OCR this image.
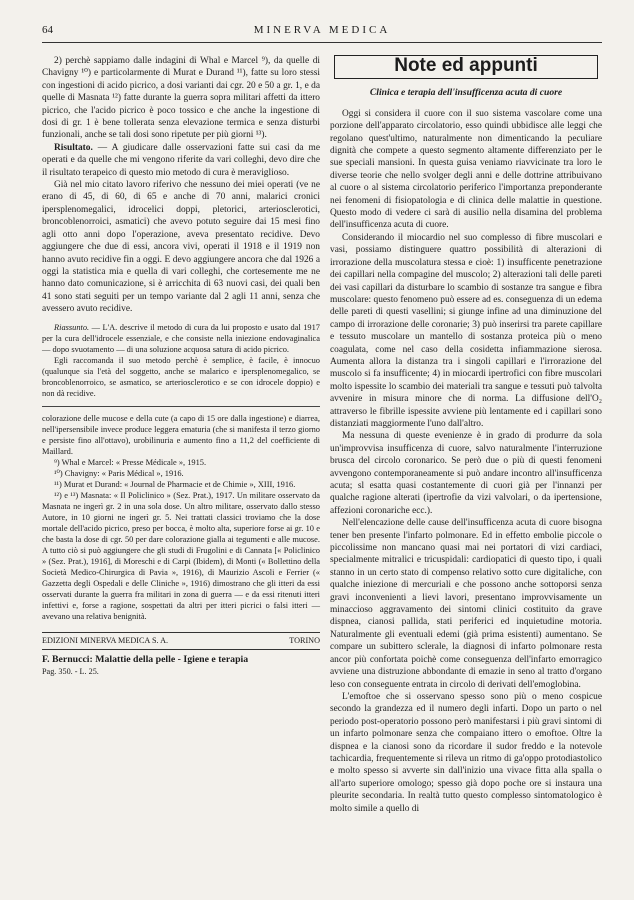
64	MINERVA MEDICA

2) perchè sappiamo dalle indagini di Whal e Marcel ⁹), da quelle di Chavigny ¹⁰) e particolarmente di Murat e Durand ¹¹), fatte su loro stessi con ingestioni di acido picrico, a dosi varianti dai cgr. 20 e 50 a gr. 1, e da quelle di Masnata ¹²) fatte durante la guerra sopra militari affetti da ittero picrico, che l'acido picrico è poco tossico e che anche la ingestione di dosi di gr. 1 è bene tollerata senza elevazione termica e senza disturbi funzionali, anche se tali dosi sono ripetute per più giorni ¹³).

Risultato. — A giudicare dalle osservazioni fatte sui casi da me operati e da quelle che mi vengono riferite da vari colleghi, devo dire che il risultato terapeico di questo mio metodo di cura è meraviglioso.

Già nel mio citato lavoro riferivo che nessuno dei miei operati (ve ne erano di 45, di 60, di 65 e anche di 70 anni, malarici cronici ipersplenomegalici, idrocelici doppi, pletorici, arteriosclerotici, broncoblenorroici, asmatici) che avevo potuto seguire dai 15 mesi fino agli otto anni dopo l'operazione, aveva presentato recidive. Devo aggiungere che due di essi, ancora vivi, operati il 1918 e il 1919 non hanno avuto recidive fin a oggi. E devo aggiungere ancora che dal 1926 a oggi la statistica mia e quella di vari colleghi, che cortesemente me ne hanno dato comunicazione, si è arricchita di 63 nuovi casi, dei quali ben 41 sono stati seguiti per un tempo variante dal 2 agli 11 anni, senza che avessero avuto recidive.

Riassunto. — L'A. descrive il metodo di cura da lui proposto e usato dal 1917 per la cura dell'idrocele essenziale, e che consiste nella iniezione endovaginalica — dopo svuotamento — di una soluzione acquosa satura di acido picrico.

Egli raccomanda il suo metodo perchè è semplice, è facile, è innocuo (qualunque sia l'età del soggetto, anche se malarico e ipersplenomegalico, se broncoblenorroico, se asmatico, se arteriosclerotico e se con idrocele doppio) e non dà recidive.

colorazione delle mucose e della cute (a capo di 15 ore dalla ingestione) e diarrea, nell'ipersensibile invece produce leggera ematuria (che si manifesta il terzo giorno e persiste fino all'ottavo), urobilinuria e aumento fino a 11,2 del coefficiente di Maillard.

⁹) Whal e Marcel: « Presse Médicale », 1915.

¹⁰) Chavigny: « Paris Médical », 1916.

¹¹) Murat et Durand: « Journal de Pharmacie et de Chimie », XIII, 1916.

¹²) e ¹³) Masnata: « Il Policlinico » (Sez. Prat.), 1917. Un militare osservato da Masnata ne ingerì gr. 2 in una sola dose. Un altro militare, osservato dallo stesso Autore, in 10 giorni ne ingerì gr. 5. Nei trattati classici troviamo che la dose mortale dell'acido picrico, preso per bocca, è molto alta, superiore forse ai gr. 10 e che basta la dose di cgr. 50 per dare colorazione gialla ai tegumenti e alle mucose. A tutto ciò si può aggiungere che gli studi di Frugolini e di Cannata [« Policlinico » (Sez. Prat.), 1916], di Moreschi e di Carpi (Ibidem), di Monti (« Bollettino della Società Medico-Chirurgica di Pavia », 1916), di Maurizio Ascoli e Ferrier (« Gazzetta degli Ospedali e delle Cliniche », 1916) dimostrano che gli itteri da essi osservati durante la guerra fra militari in zona di guerra — e da essi ritenuti itteri infettivi e, forse a ragione, sospettati da altri per itteri picrici o falsi itteri — avevano una relativa benignità.

EDIZIONI MINERVA MEDICA S. A.	TORINO
F. Bernucci: Malattie della pelle - Igiene e terapia
Pag. 350. - L. 25.
Note ed appunti
Clinica e terapia dell'insufficenza acuta di cuore

Oggi si considera il cuore con il suo sistema vascolare come una porzione dell'apparato circolatorio, esso quindi ubbidisce alle leggi che regolano quest'ultimo, naturalmente non dimenticando la peculiare dignità che compete a questo segmento altamente differenziato per le sue speciali mansioni. In questa guisa veniamo riavvicinate tra loro le diverse teorie che nello svolger degli anni e delle dottrine attribuivano al cuore o al sistema circolatorio periferico l'importanza preponderante nei fenomeni di fisiopatologia e di clinica delle malattie in questione. Questo modo di vedere ci sarà di ausilio nella disamina del problema dell'insufficenza acuta di cuore.

Considerando il miocardio nel suo complesso di fibre muscolari e vasi, possiamo distinguere quattro possibilità di alterazioni di irrorazione della muscolatura stessa e cioè: 1) insufficente penetrazione dei capillari nella compagine del muscolo; 2) alterazioni tali delle pareti dei vasi capillari da disturbare lo scambio di sostanze tra sangue e fibra muscolare: questo fenomeno può essere ad es. conseguenza di un edema delle pareti di questi vasellini; si giunge infine ad una diminuzione del campo di irrorazione delle coronarie; 3) può inserirsi tra parete capillare e tessuto muscolare un mantello di sostanza proteica più o meno coagulata, come nel caso della cosidetta infiammazione sierosa. Aumenta allora la distanza tra i singoli capillari e l'irrorazione del muscolo si fa insufficente; 4) in miocardi ipertrofici con fibre muscolari molto ispessite lo scambio dei materiali tra sangue e tessuti può talvolta avvenire in misura minore che di norma. La diffusione dell'O₂ attraverso le fibrille ispessite avviene più lentamente ed i capillari sono distanziati maggiormente l'uno dall'altro.

Ma nessuna di queste evenienze è in grado di produrre da sola un'improvvisa insufficenza di cuore, salvo naturalmente l'interruzione brusca del circolo coronarico. Se però due o più di questi fenomeni avvengono contemporaneamente si può andare incontro all'insufficenza acuta; sl esatta quasi costantemente di cuori già per l'innanzi per qualche ragione alterati (ipertrofie da vizi valvolari, o da ipertensione, affezioni coronariche ecc.).

Nell'elencazione delle cause dell'insufficenza acuta di cuore bisogna tener ben presente l'infarto polmonare. Ed in effetto embolie piccole o piccolissime non mancano quasi mai nei portatori di vizi cardiaci, specialmente mitralici e tricuspidali: cardiopatici di questo tipo, i quali stanno in un certo stato di compenso relativo sotto cure digitaliche, con qualche iniezione di mercuriali e che possono anche sottoporsi senza gravi inconvenienti a lievi lavori, presentano improvvisamente un minaccioso aggravamento dei sintomi clinici costituito da grave dispnea, cianosi pallida, stati periferici ed inquietudine motoria. Naturalmente gli eventuali edemi (già prima esistenti) aumentano. Se compare un subittero sclerale, la diagnosi di infarto polmonare resta ancor più confortata poichè come conseguenza dell'infarto emorragico avviene una distruzione abbondante di emazie in seno al tratto d'organo leso con conseguente entrata in circolo di derivati dell'emoglobina.

L'emoftoe che si osservano spesso sono più o meno cospicue secondo la grandezza ed il numero degli infarti. Dopo un parto o nel periodo post-operatorio possono però manifestarsi i più gravi sintomi di un infarto polmonare senza che compaiano ittero o emoftoe. Oltre la dispnea e la cianosi sono da ricordare il sudor freddo e la notevole tachicardia, frequentemente si rileva un ritmo di ga'oppo protodiastolico e molto spesso si avverte sin dall'inizio una vivace fitta alla spalla o all'arto superiore omologo; spesso già dopo poche ore si instaura una pleurite secondaria. In realtà tutto questo complesso sintomatologico è molto simile a quello di
